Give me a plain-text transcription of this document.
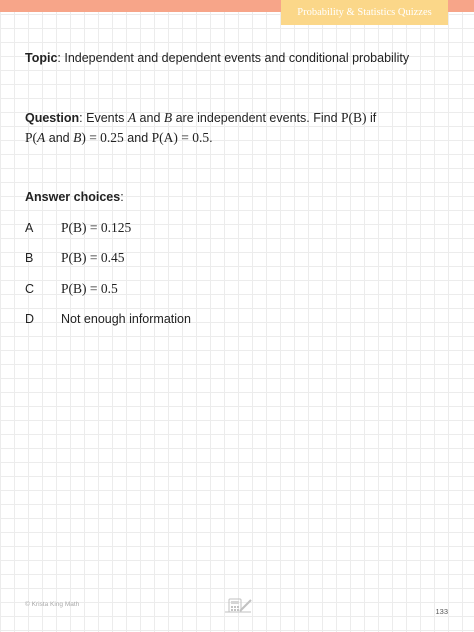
Probability & Statistics Quizzes
Topic: Independent and dependent events and conditional probability
Question: Events A and B are independent events. Find P(B) if
P(A and B) = 0.25 and P(A) = 0.5.
Answer choices:
A P(B) = 0.125
B P(B) = 0.45
C P(B) = 0.5
D Not enough information
© Krista King Math
133
